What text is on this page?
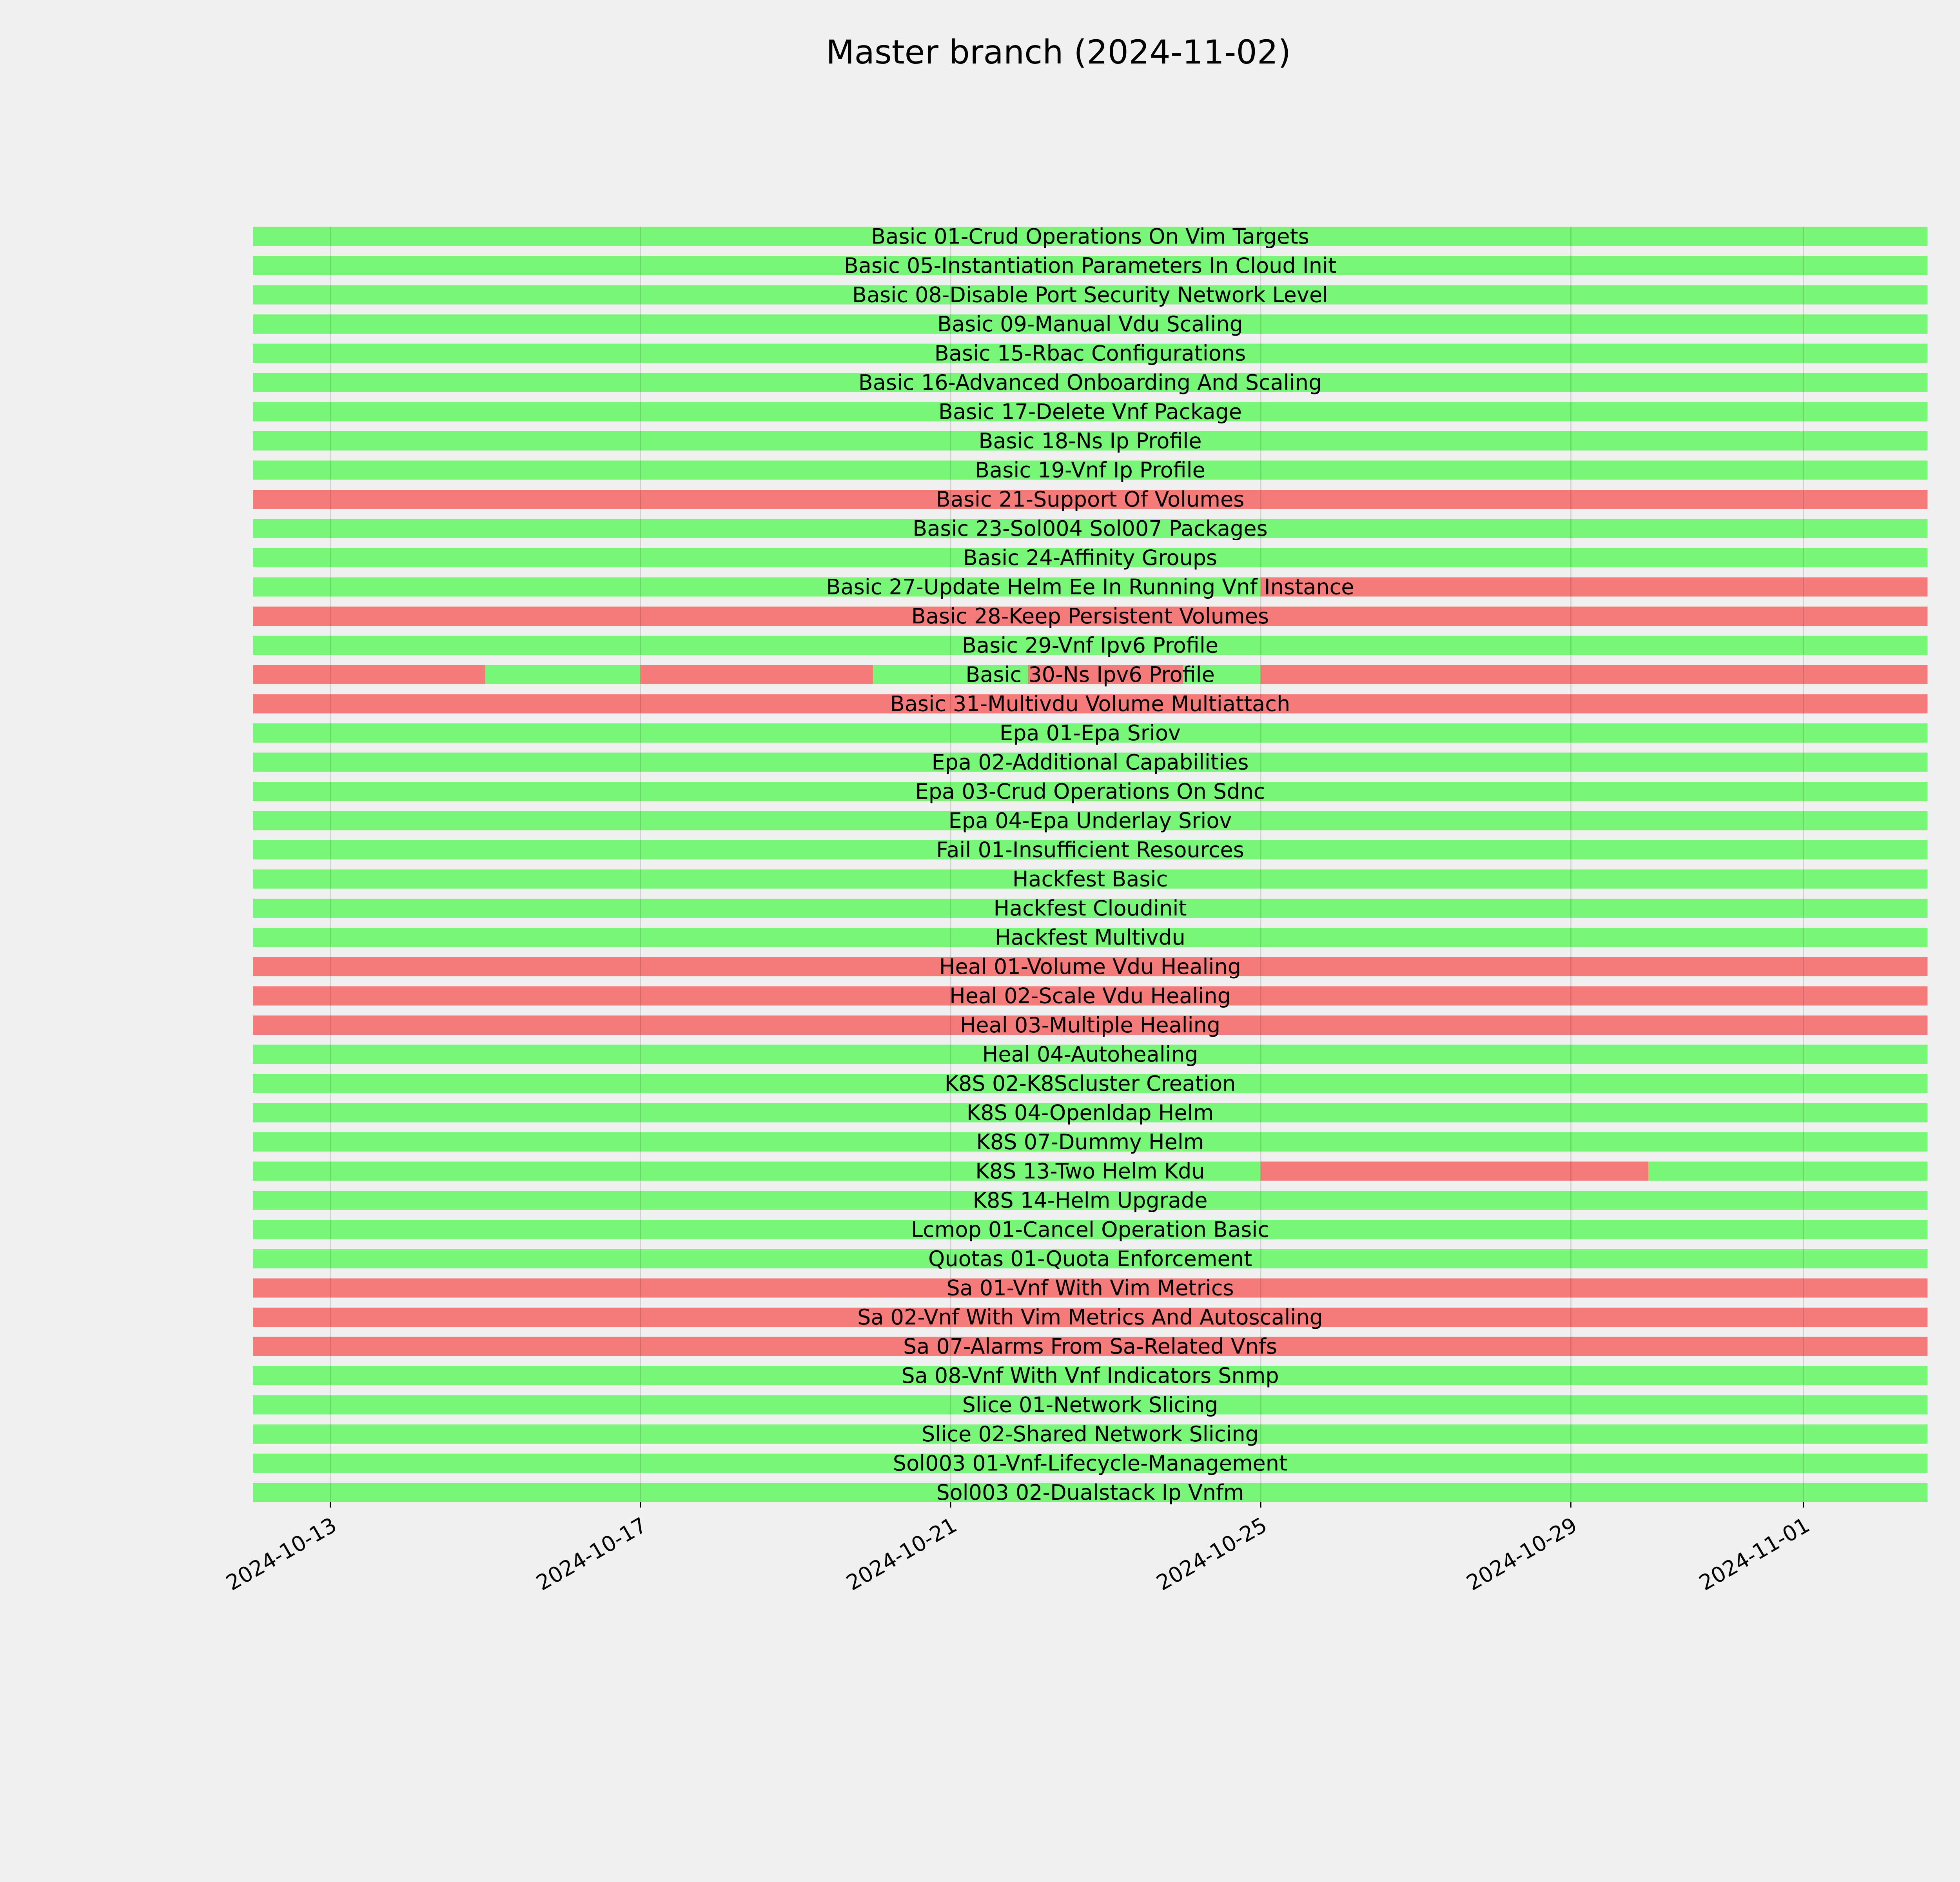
Master branch (2024-11-02)
Basic 01-Crud Operations On Vim Targets
Basic 05-Instantiation Parameters In Cloud Init
Basic 08-Disable Port Security Network Level
Basic 09-Manual Vdu Scaling
Basic 15-Rbac Configurations
Basic 16-Advanced Onboarding And Scaling
Basic 17-Delete Vnf Package
Basic 18-Ns Ip Profile
Basic 19-Vnf Ip Profile
Basic 21-Support Of Volumes
Basic 23-Sol004 Sol007 Packages
Basic 24-Affinity Groups
Basic 27-Update Helm Ee In Running Vnf Instance
Basic 28-Keep Persistent Volumes
Basic 29-Vnf Ipv6 Profile
Basic 30-Ns Ipv6 Profile
Basic 31-Multivdu Volume Multiattach
Epa 01-Epa Sriov
Epa 02-Additional Capabilities
Epa 03-Crud Operations On Sdnc
Epa 04-Epa Underlay Sriov
Fail 01-Insufficient Resources
Hackfest Basic
Hackfest Cloudinit
Hackfest Multivdu
Heal 01-Volume Vdu Healing
Heal 02-Scale Vdu Healing
Heal 03-Multiple Healing
Heal 04-Autohealing
K8S 02-K8Scluster Creation
K8S 04-Openldap Helm
K8S 07-Dummy Helm
K8S 13-Two Helm Kdu
K8S 14-Helm Upgrade
Lcmop 01-Cancel Operation Basic
Quotas 01-Quota Enforcement
Sa 01-Vnf With Vim Metrics
Sa 02-Vnf With Vim Metrics And Autoscaling
Sa 07-Alarms From Sa-Related Vnfs
Sa 08-Vnf With Vnf Indicators Snmp
Slice 01-Network Slicing
Slice 02-Shared Network Slicing
Sol003 01-Vnf-Lifecycle-Management
Sol003 02-Dualstack Ip Vnfm
2024-10-13	2024-10-17	2024-10-21	2024-10-25	2024-10-29	2024-11-01
